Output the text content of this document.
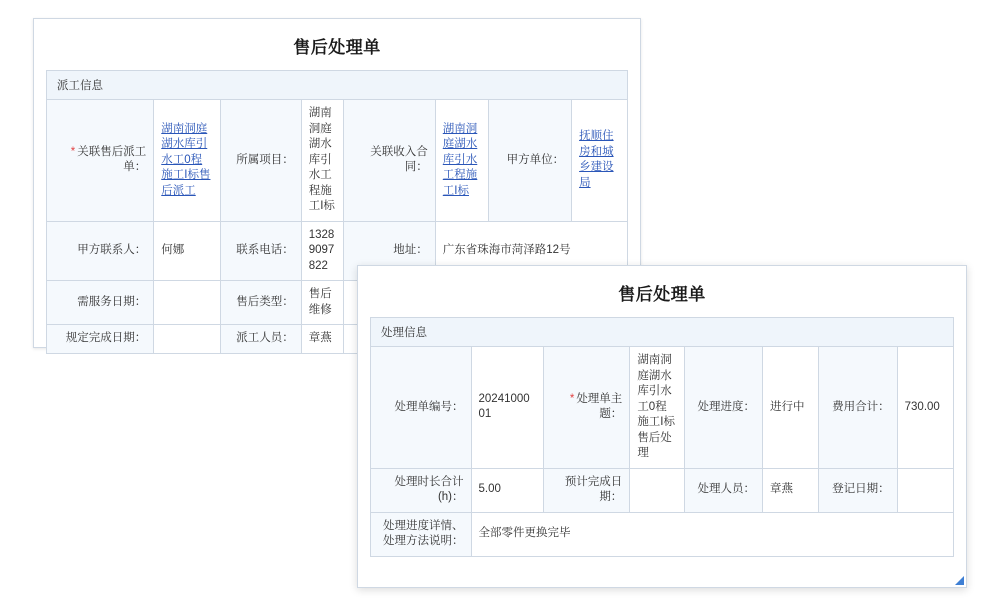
售后处理单
派工信息
* 关联售后派工单：	湖南洞庭湖水库引水工0程施工I标售后派工	所属项目：	湖南洞庭湖水库引水工程施工I标	关联收入合同：	湖南洞庭湖水库引水工程施工I标	甲方单位：	抚顺住房和城乡建设局
甲方联系人：	何娜	联系电话：	13289097822	地址：	广东省珠海市菏泽路12号		
需服务日期：		售后类型：	售后维修				
规定完成日期：		派工人员：	章燕				
售后处理单
处理信息
处理单编号：	2024100001	* 处理单主题：	湖南洞庭湖水库引水工0程施工I标售后处理	处理进度：	进行中	费用合计：	730.00
处理时长合计(h)：	5.00	预计完成日期：		处理人员：	章燕	登记日期：	
处理进度详情、处理方法说明：	全部零件更换完毕						
